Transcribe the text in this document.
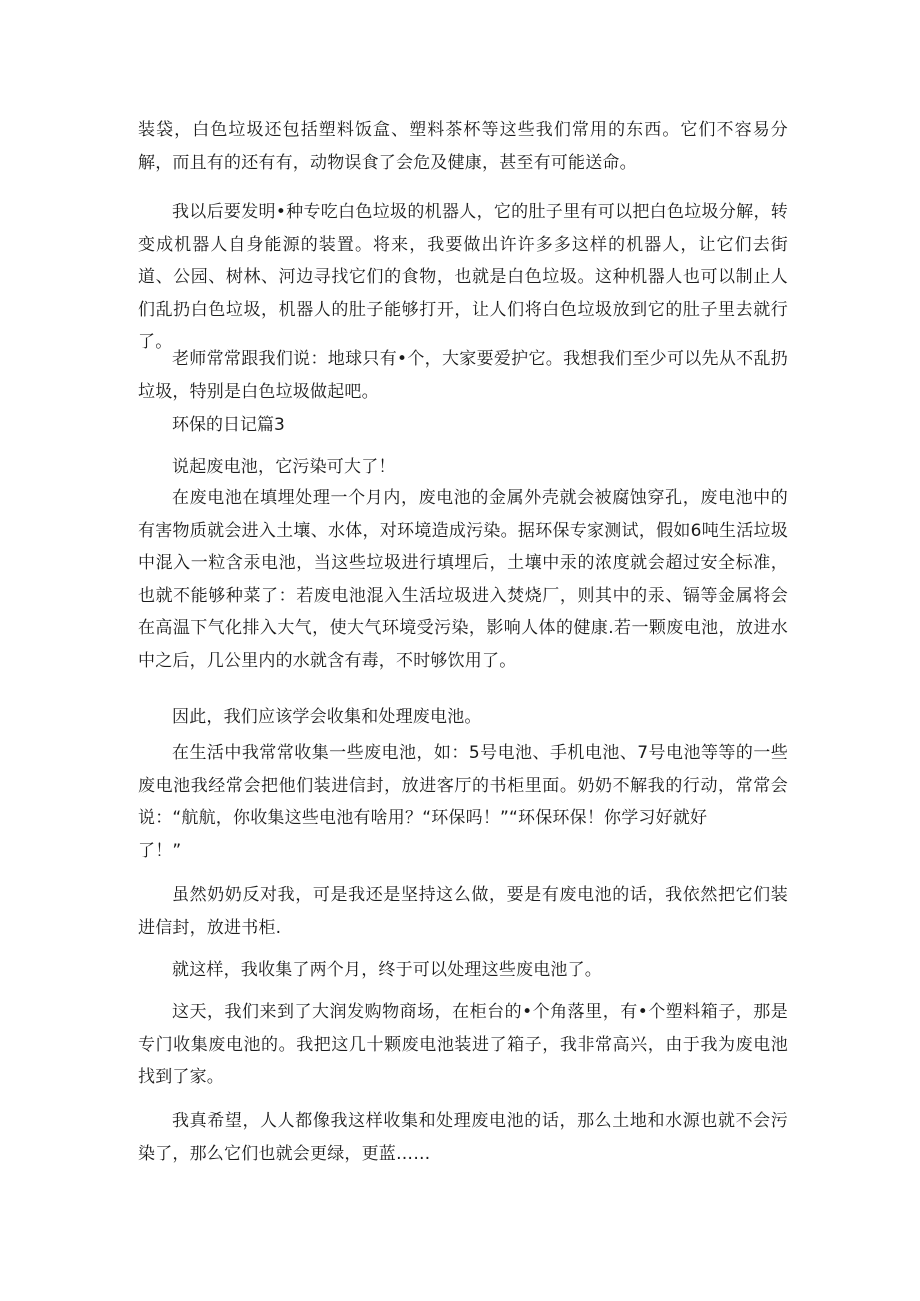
装袋，白色垃圾还包括塑料饭盒、塑料茶杯等这些我们常用的东西。它们不容易分解，而且有的还有有，动物误食了会危及健康，甚至有可能送命。

我以后要发明•种专吃白色垃圾的机器人，它的肚子里有可以把白色垃圾分解，转变成机器人自身能源的装置。将来，我要做出许许多多这样的机器人，让它们去街道、公园、树林、河边寻找它们的食物，也就是白色垃圾。这种机器人也可以制止人们乱扔白色垃圾，机器人的肚子能够打开，让人们将白色垃圾放到它的肚子里去就行了。

老师常常跟我们说：地球只有•个，大家要爱护它。我想我们至少可以先从不乱扔垃圾，特别是白色垃圾做起吧。

环保的日记篇3

说起废电池，它污染可大了！

在废电池在填埋处理一个月内，废电池的金属外壳就会被腐蚀穿孔，废电池中的有害物质就会进入土壤、水体，对环境造成污染。据环保专家测试，假如6吨生活垃圾中混入一粒含汞电池，当这些垃圾进行填埋后，土壤中汞的浓度就会超过安全标准，也就不能够种菜了：若废电池混入生活垃圾进入焚烧厂，则其中的汞、镉等金属将会在高温下气化排入大气，使大气环境受污染，影响人体的健康.若一颗废电池，放进水中之后，几公里内的水就含有毒，不时够饮用了。

因此，我们应该学会收集和处理废电池。

在生活中我常常收集一些废电池，如：5号电池、手机电池、7号电池等等的一些废电池我经常会把他们装进信封，放进客厅的书柜里面。奶奶不解我的行动，常常会说：“航航，你收集这些电池有啥用？“环保吗！”“环保环保！你学习好就好

了！”

虽然奶奶反对我，可是我还是坚持这么做，要是有废电池的话，我依然把它们装进信封，放进书柜.

就这样，我收集了两个月，终于可以处理这些废电池了。

这天，我们来到了大润发购物商场，在柜台的•个角落里，有•个塑料箱子，那是专门收集废电池的。我把这几十颗废电池装进了箱子，我非常高兴，由于我为废电池找到了家。

我真希望，人人都像我这样收集和处理废电池的话，那么土地和水源也就不会污染了，那么它们也就会更绿，更蓝……
